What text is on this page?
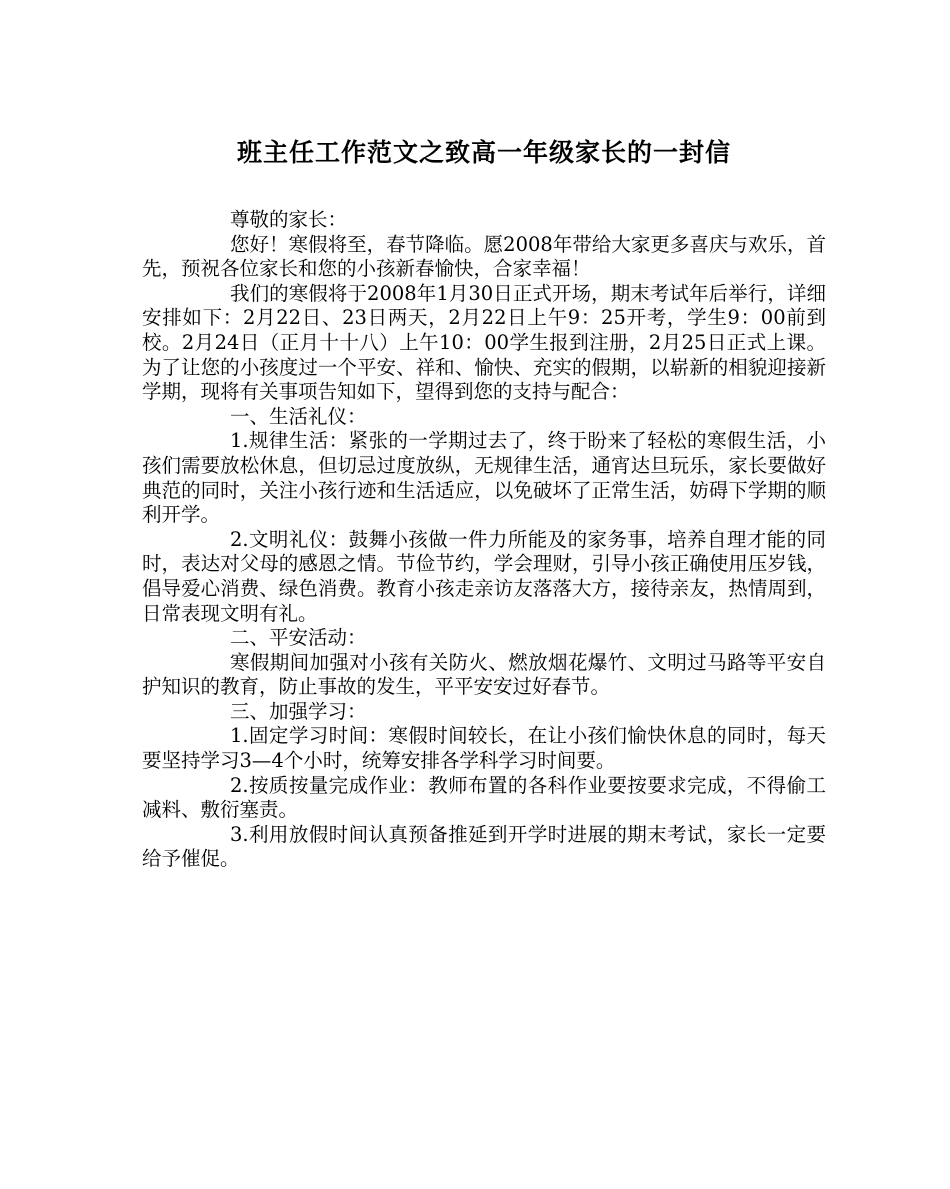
班主任工作范文之致高一年级家长的一封信

尊敬的家长：

您好！寒假将至，春节降临。愿2008年带给大家更多喜庆与欢乐，首先，预祝各位家长和您的小孩新春愉快，合家幸福！

我们的寒假将于2008年1月30日正式开场，期末考试年后举行，详细安排如下：2月22日、23日两天，2月22日上午9：25开考，学生9：00前到校。2月24日（正月十十八）上午10：00学生报到注册，2月25日正式上课。为了让您的小孩度过一个平安、祥和、愉快、充实的假期，以崭新的相貌迎接新学期，现将有关事项告知如下，望得到您的支持与配合：

一、生活礼仪：

1.规律生活：紧张的一学期过去了，终于盼来了轻松的寒假生活，小孩们需要放松休息，但切忌过度放纵，无规律生活，通宵达旦玩乐，家长要做好典范的同时，关注小孩行迹和生活适应，以免破坏了正常生活，妨碍下学期的顺利开学。

2.文明礼仪：鼓舞小孩做一件力所能及的家务事，培养自理才能的同时，表达对父母的感恩之情。节俭节约，学会理财，引导小孩正确使用压岁钱，倡导爱心消费、绿色消费。教育小孩走亲访友落落大方，接待亲友，热情周到，日常表现文明有礼。

二、平安活动：

寒假期间加强对小孩有关防火、燃放烟花爆竹、文明过马路等平安自护知识的教育，防止事故的发生，平平安安过好春节。

三、加强学习：

1.固定学习时间：寒假时间较长，在让小孩们愉快休息的同时，每天要坚持学习3—4个小时，统筹安排各学科学习时间要。

2.按质按量完成作业：教师布置的各科作业要按要求完成，不得偷工减料、敷衍塞责。

3.利用放假时间认真预备推延到开学时进展的期末考试，家长一定要给予催促。
